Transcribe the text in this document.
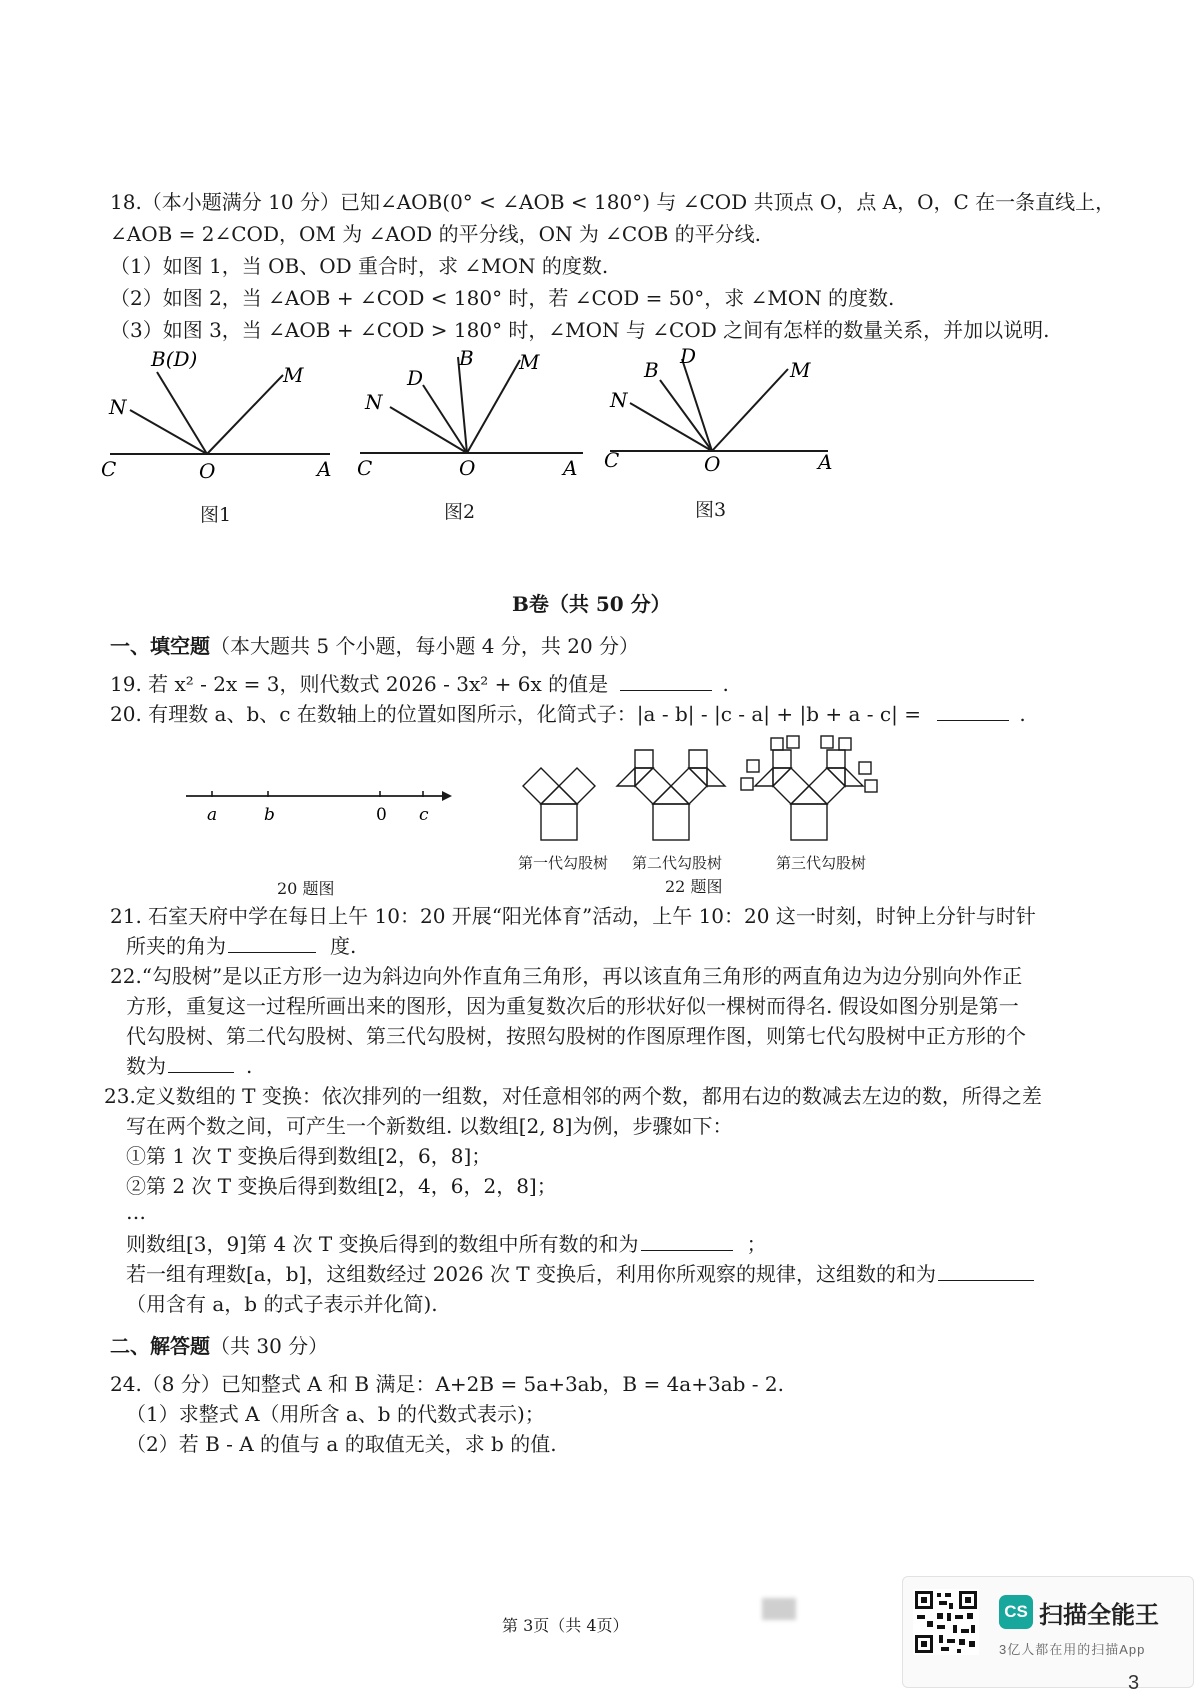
18.（本小题满分 10 分）已知∠AOB(0° < ∠AOB < 180°) 与 ∠COD 共顶点 O，点 A，O，C 在一条直线上，
∠AOB = 2∠COD，OM 为 ∠AOD 的平分线，ON 为 ∠COB 的平分线.
（1）如图 1，当 OB、OD 重合时，求 ∠MON 的度数.
（2）如图 2，当 ∠AOB + ∠COD < 180° 时，若 ∠COD = 50°，求 ∠MON 的度数.
（3）如图 3，当 ∠AOB + ∠COD > 180° 时，∠MON 与 ∠COD 之间有怎样的数量关系，并加以说明.
B(D)
M
N
C	O	A
图1
B
D
M
N
C	O	A
图2
B
D
M
N
C	O	A
图3
B卷（共 50 分）
一、填空题（本大题共 5 个小题，每小题 4 分，共 20 分）
19. 若 x² - 2x = 3，则代数式 2026 - 3x² + 6x 的值是	.
20. 有理数 a、b、c 在数轴上的位置如图所示，化简式子：|a - b| - |c - a| + |b + a - c| =	.
a	b	0 c
20 题图
第一代勾股树 第二代勾股树	第三代勾股树
22 题图
21. 石室天府中学在每日上午 10：20 开展“阳光体育”活动，上午 10：20 这一时刻，时钟上分针与时针
所夹的角为	度.
22.“勾股树”是以正方形一边为斜边向外作直角三角形，再以该直角三角形的两直角边为边分别向外作正
方形，重复这一过程所画出来的图形，因为重复数次后的形状好似一棵树而得名. 假设如图分别是第一
代勾股树、第二代勾股树、第三代勾股树，按照勾股树的作图原理作图，则第七代勾股树中正方形的个
数为	.
23.定义数组的 T 变换：依次排列的一组数，对任意相邻的两个数，都用右边的数减去左边的数，所得之差
写在两个数之间，可产生一个新数组. 以数组[2, 8]为例，步骤如下：
①第 1 次 T 变换后得到数组[2，6，8]；
②第 2 次 T 变换后得到数组[2，4，6，2，8]；
…
则数组[3，9]第 4 次 T 变换后得到的数组中所有数的和为	；
若一组有理数[a，b]，这组数经过 2026 次 T 变换后，利用你所观察的规律，这组数的和为
（用含有 a，b 的式子表示并化简).
二、解答题（共 30 分）
24.（8 分）已知整式 A 和 B 满足：A+2B = 5a+3ab，B = 4a+3ab - 2.
（1）求整式 A（用所含 a、b 的代数式表示)；
（2）若 B - A 的值与 a 的取值无关，求 b 的值.
第 3页（共 4页）
CS 扫描全能王
3亿人都在用的扫描App
3
